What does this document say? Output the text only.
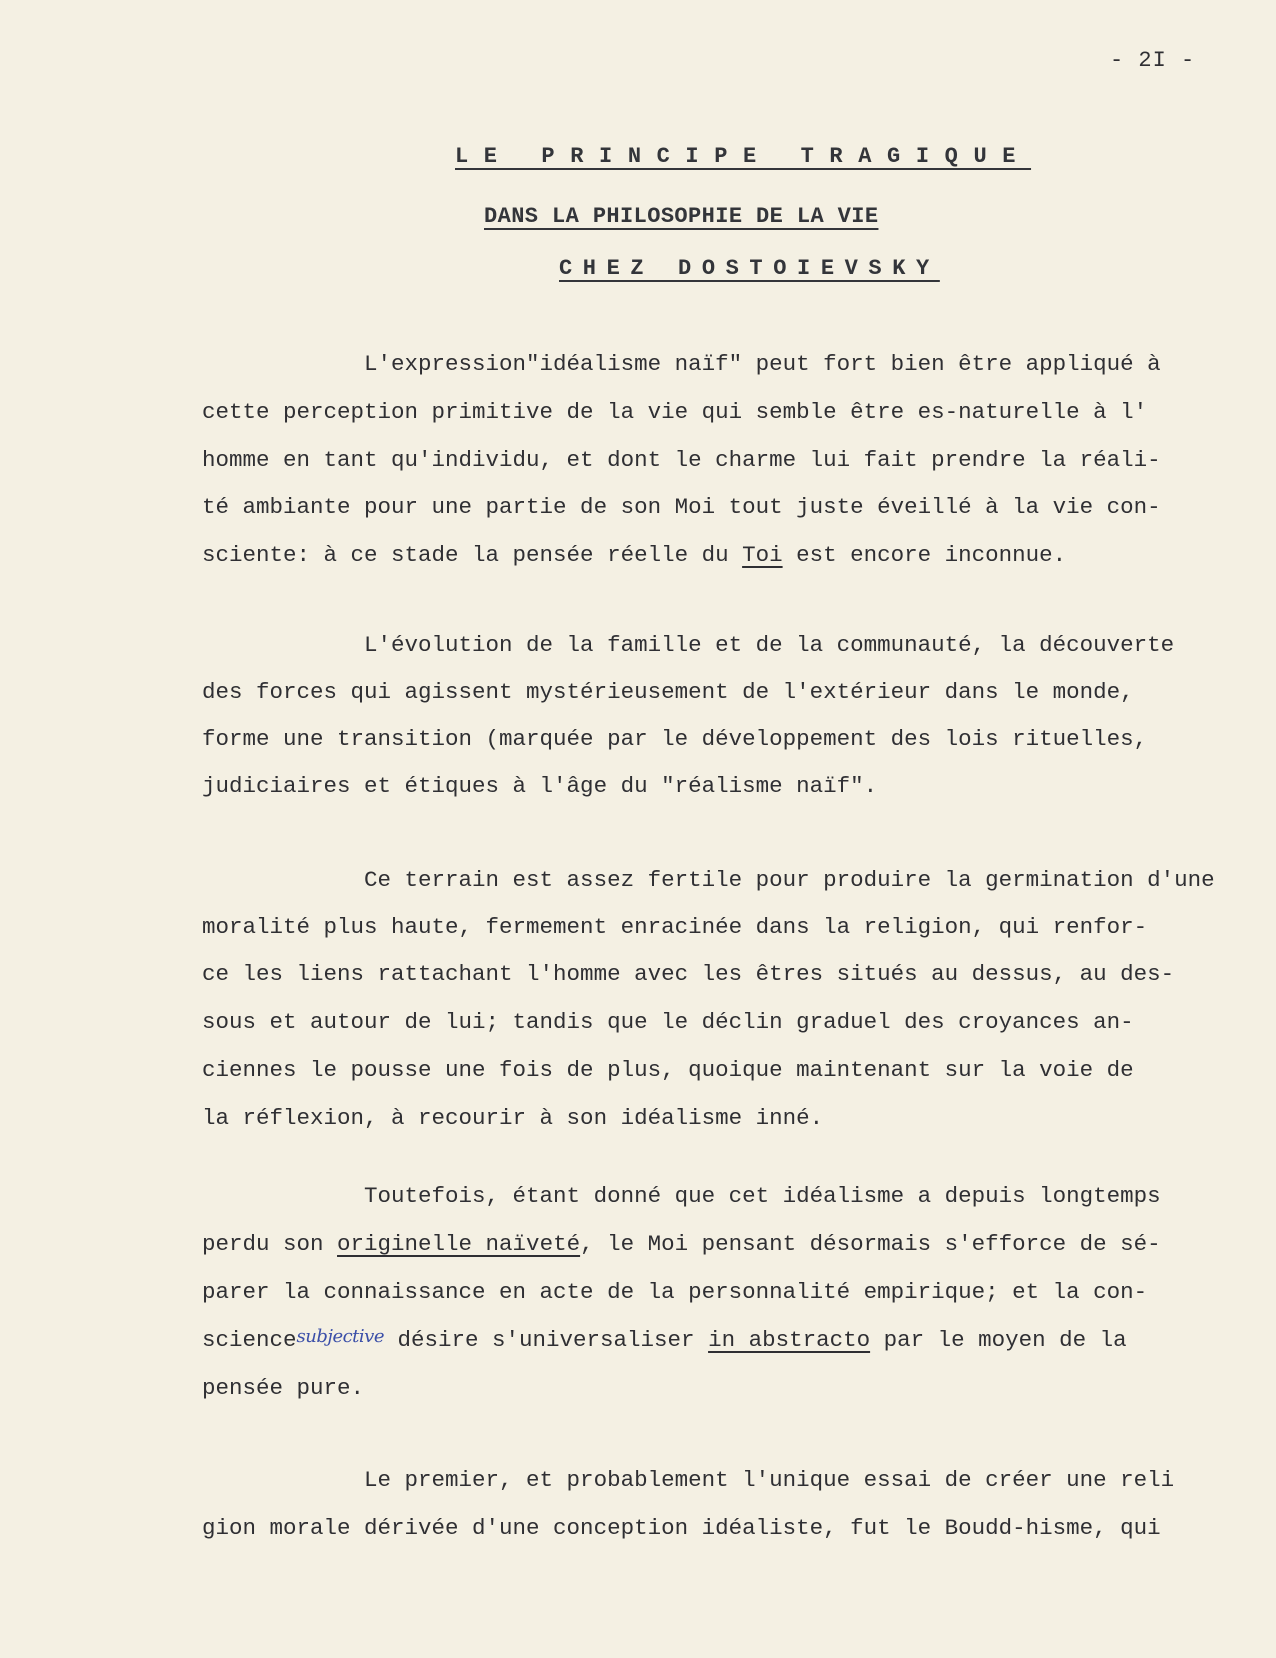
- 2I -
LE PRINCIPE TRAGIQUE
DANS LA PHILOSOPHIE DE LA VIE
CHEZ DOSTOIEVSKY
L'expression"idéalisme naïf" peut fort bien être appliqué à
cette perception primitive de la vie qui semble être es-naturelle à l'
homme en tant qu'individu, et dont le charme lui fait prendre la réali-
té ambiante pour une partie de son Moi tout juste éveillé à la vie con-
sciente: à ce stade la pensée réelle du Toi est encore inconnue.
L'évolution de la famille et de la communauté, la découverte
des forces qui agissent mystérieusement de l'extérieur dans le monde,
forme une transition (marquée par le développement des lois rituelles,
judiciaires et étiques à l'âge du "réalisme naïf".
Ce terrain est assez fertile pour produire la germination d'une
moralité plus haute, fermement enracinée dans la religion, qui renfor-
ce les liens rattachant l'homme avec les êtres situés au dessus, au des-
sous et autour de lui; tandis que le déclin graduel des croyances an-
ciennes le pousse une fois de plus, quoique maintenant sur la voie de
la réflexion, à recourir à son idéalisme inné.
Toutefois, étant donné que cet idéalisme a depuis longtemps
perdu son originelle naïveté, le Moi pensant désormais s'efforce de sé-
parer la connaissance en acte de la personnalité empirique; et la con-
sciencesubjective désire s'universaliser in abstracto par le moyen de la
pensée pure.
Le premier, et probablement l'unique essai de créer une reli
gion morale dérivée d'une conception idéaliste, fut le Boudd-hisme, qui
